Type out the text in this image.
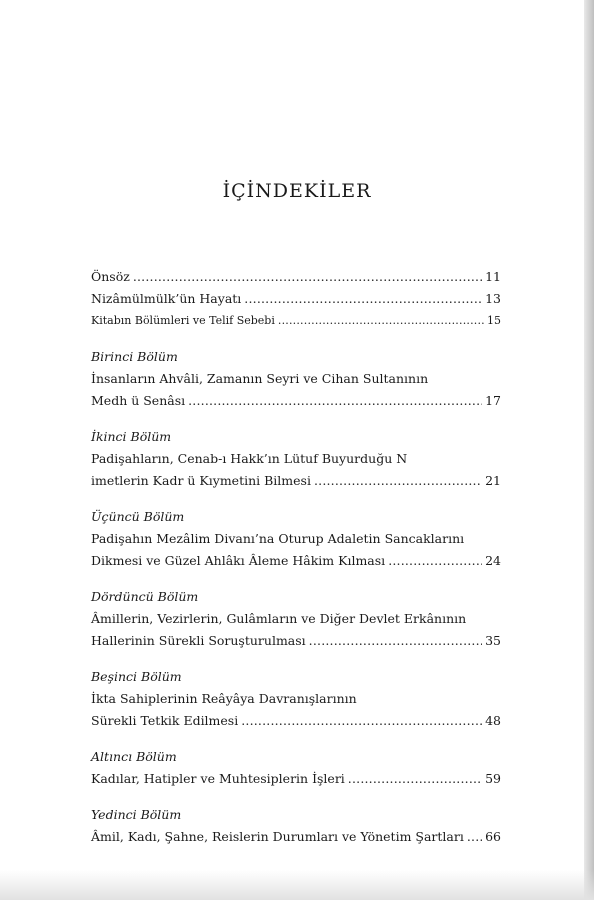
İÇİNDEKİLER
Önsöz .....	11
Nizâmülmülk’ün Hayatı .....	13
Kitabın Bölümleri ve Telif Sebebi .....	15
Birinci Bölüm
İnsanların Ahvâli, Zamanın Seyri ve Cihan Sultanının
Medh ü Senâsı .....	17
İkinci Bölüm
Padişahların, Cenab-ı Hakk’ın Lütuf Buyurduğu N
imetlerin Kadr ü Kıymetini Bilmesi .....	21
Üçüncü Bölüm
Padişahın Mezâlim Divanı’na Oturup Adaletin Sancaklarını
Dikmesi ve Güzel Ahlâkı Âleme Hâkim Kılması .....	24
Dördüncü Bölüm
Âmillerin, Vezirlerin, Gulâmların ve Diğer Devlet Erkânının
Hallerinin Sürekli Soruşturulması .....	35
Beşinci Bölüm
İkta Sahiplerinin Reâyâya Davranışlarının
Sürekli Tetkik Edilmesi .....	48
Altıncı Bölüm
Kadılar, Hatipler ve Muhtesiplerin İşleri .....	59
Yedinci Bölüm
Âmil, Kadı, Şahne, Reislerin Durumları ve Yönetim Şartları ..... 66
